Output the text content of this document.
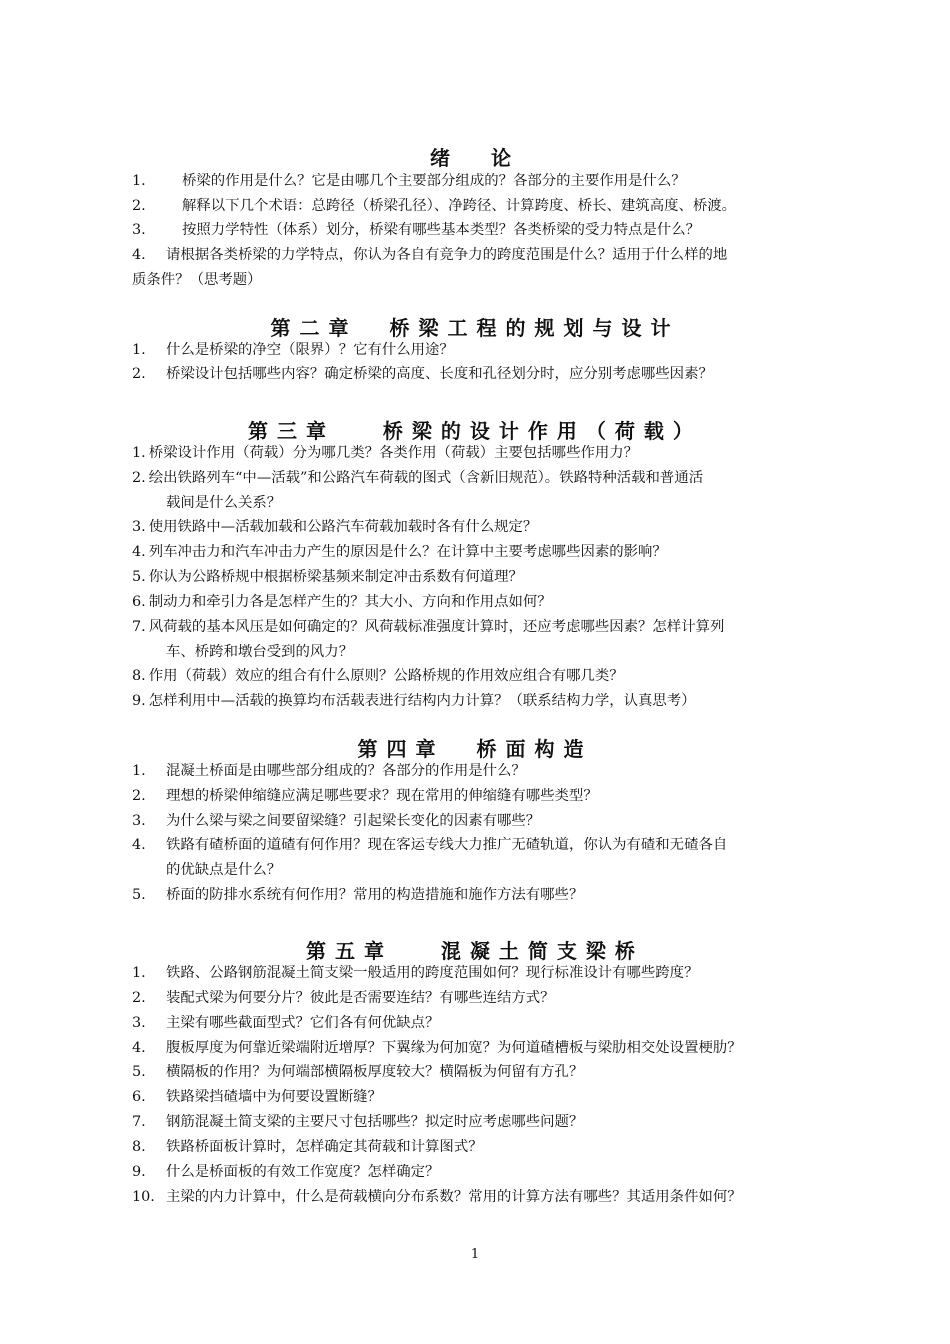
绪  论
1.	桥梁的作用是什么？它是由哪几个主要部分组成的？各部分的主要作用是什么？
2.	解释以下几个术语：总跨径（桥梁孔径）、净跨径、计算跨度、桥长、建筑高度、桥渡。
3.	按照力学特性（体系）划分，桥梁有哪些基本类型？各类桥梁的受力特点是什么？
4. 请根据各类桥梁的力学特点，你认为各自有竞争力的跨度范围是什么？适用于什么样的地
质条件？（思考题）
第二章  桥梁工程的规划与设计
1. 什么是桥梁的净空（限界）？它有什么用途？
2. 桥梁设计包括哪些内容？确定桥梁的高度、长度和孔径划分时，应分别考虑哪些因素？
第三章   桥梁的设计作用（荷载）
1. 桥梁设计作用（荷载）分为哪几类？各类作用（荷载）主要包括哪些作用力？
2. 绘出铁路列车“中—活载”和公路汽车荷载的图式（含新旧规范）。铁路特种活载和普通活
载间是什么关系？
3. 使用铁路中—活载加载和公路汽车荷载加载时各有什么规定？
4. 列车冲击力和汽车冲击力产生的原因是什么？在计算中主要考虑哪些因素的影响？
5. 你认为公路桥规中根据桥梁基频来制定冲击系数有何道理？
6. 制动力和牵引力各是怎样产生的？其大小、方向和作用点如何？
7. 风荷载的基本风压是如何确定的？风荷载标准强度计算时，还应考虑哪些因素？怎样计算列
车、桥跨和墩台受到的风力？
8. 作用（荷载）效应的组合有什么原则？公路桥规的作用效应组合有哪几类？
9. 怎样利用中—活载的换算均布活载表进行结构内力计算？（联系结构力学，认真思考）
第四章  桥面构造
1. 混凝土桥面是由哪些部分组成的？各部分的作用是什么？
2. 理想的桥梁伸缩缝应满足哪些要求？现在常用的伸缩缝有哪些类型？
3. 为什么梁与梁之间要留梁缝？引起梁长变化的因素有哪些？
4. 铁路有碴桥面的道碴有何作用？现在客运专线大力推广无碴轨道，你认为有碴和无碴各自
的优缺点是什么？
5. 桥面的防排水系统有何作用？常用的构造措施和施作方法有哪些？
第五章   混凝土简支梁桥
1. 铁路、公路钢筋混凝土简支梁一般适用的跨度范围如何？现行标准设计有哪些跨度？
2. 装配式梁为何要分片？彼此是否需要连结？有哪些连结方式？
3. 主梁有哪些截面型式？它们各有何优缺点？
4. 腹板厚度为何靠近梁端附近增厚？下翼缘为何加宽？为何道碴槽板与梁肋相交处设置梗肋？
5. 横隔板的作用？为何端部横隔板厚度较大？横隔板为何留有方孔？
6. 铁路梁挡碴墙中为何要设置断缝？
7. 钢筋混凝土简支梁的主要尺寸包括哪些？拟定时应考虑哪些问题？
8. 铁路桥面板计算时，怎样确定其荷载和计算图式？
9. 什么是桥面板的有效工作宽度？怎样确定？
10. 主梁的内力计算中，什么是荷载横向分布系数？常用的计算方法有哪些？其适用条件如何？
1
